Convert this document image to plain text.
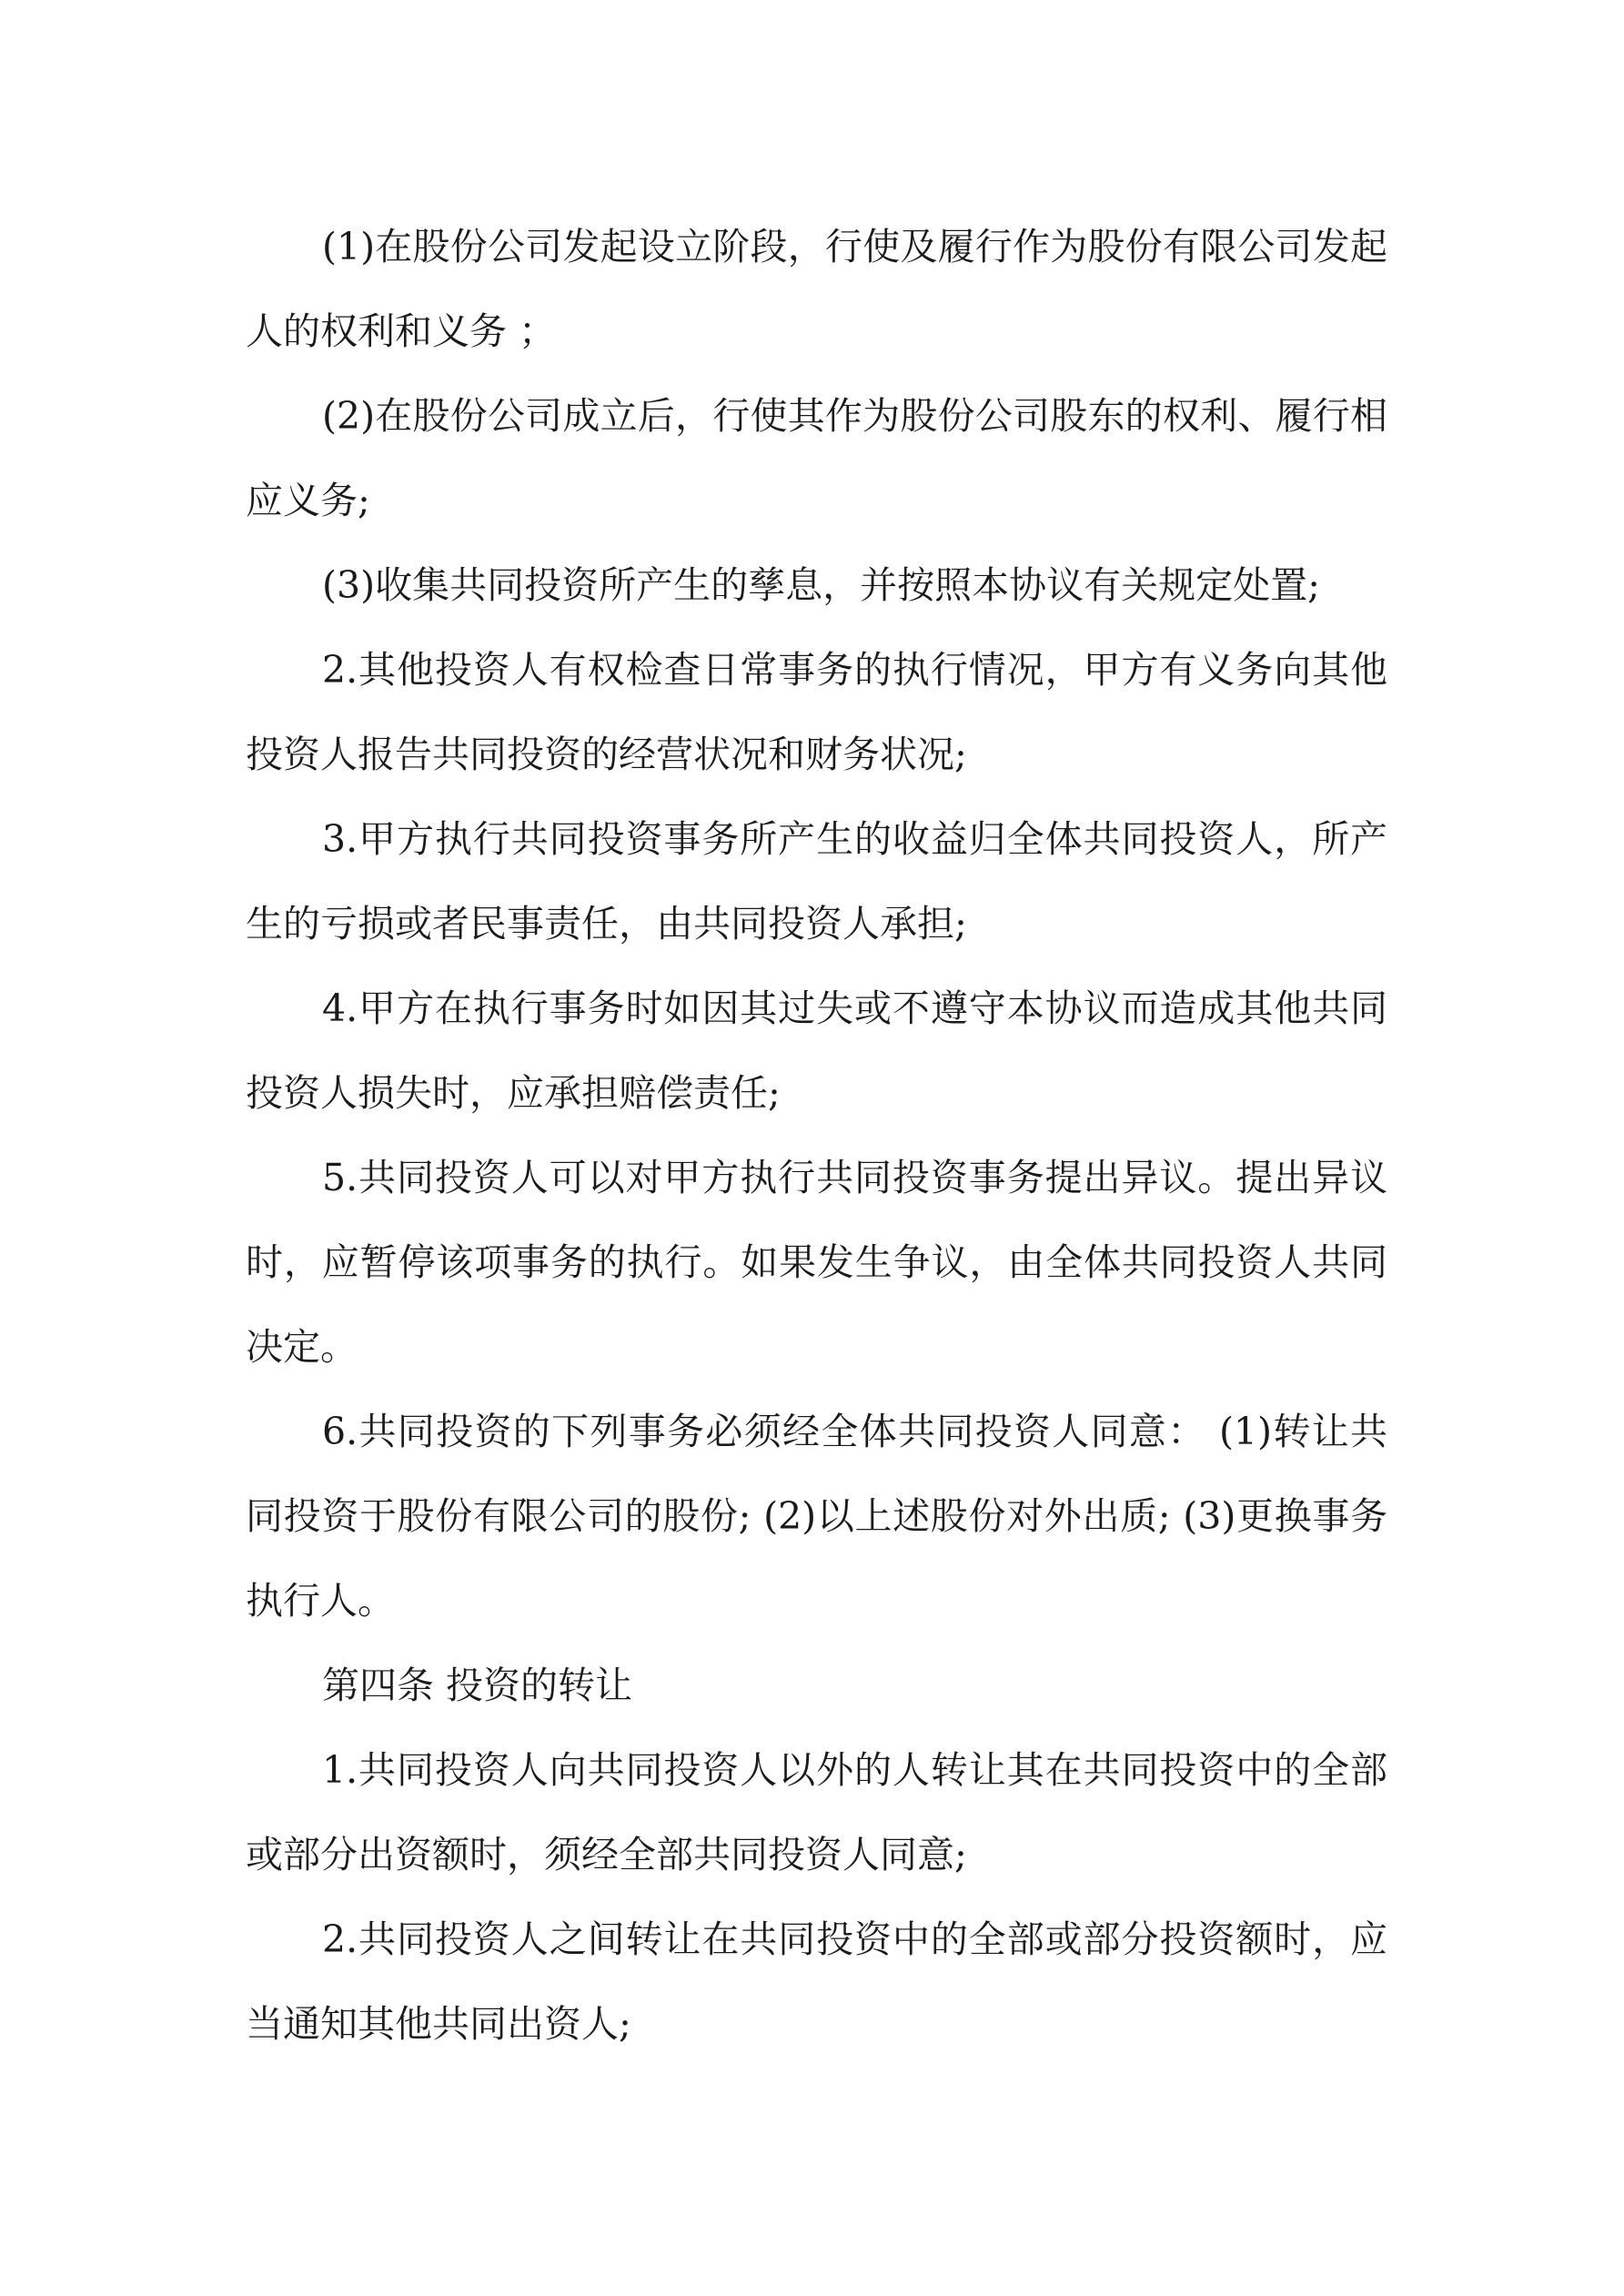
(1)在股份公司发起设立阶段，行使及履行作为股份有限公司发起人的权利和义务 ；

(2)在股份公司成立后，行使其作为股份公司股东的权利、履行相应义务;

(3)收集共同投资所产生的孳息，并按照本协议有关规定处置;

2.其他投资人有权检查日常事务的执行情况，甲方有义务向其他投资人报告共同投资的经营状况和财务状况;

3.甲方执行共同投资事务所产生的收益归全体共同投资人，所产生的亏损或者民事责任，由共同投资人承担;

4.甲方在执行事务时如因其过失或不遵守本协议而造成其他共同投资人损失时，应承担赔偿责任;

5.共同投资人可以对甲方执行共同投资事务提出异议。提出异议时，应暂停该项事务的执行。如果发生争议，由全体共同投资人共同决定。

6.共同投资的下列事务必须经全体共同投资人同意： (1)转让共同投资于股份有限公司的股份; (2)以上述股份对外出质; (3)更换事务执行人。

第四条 投资的转让

1.共同投资人向共同投资人以外的人转让其在共同投资中的全部或部分出资额时，须经全部共同投资人同意;

2.共同投资人之间转让在共同投资中的全部或部分投资额时，应当通知其他共同出资人;
